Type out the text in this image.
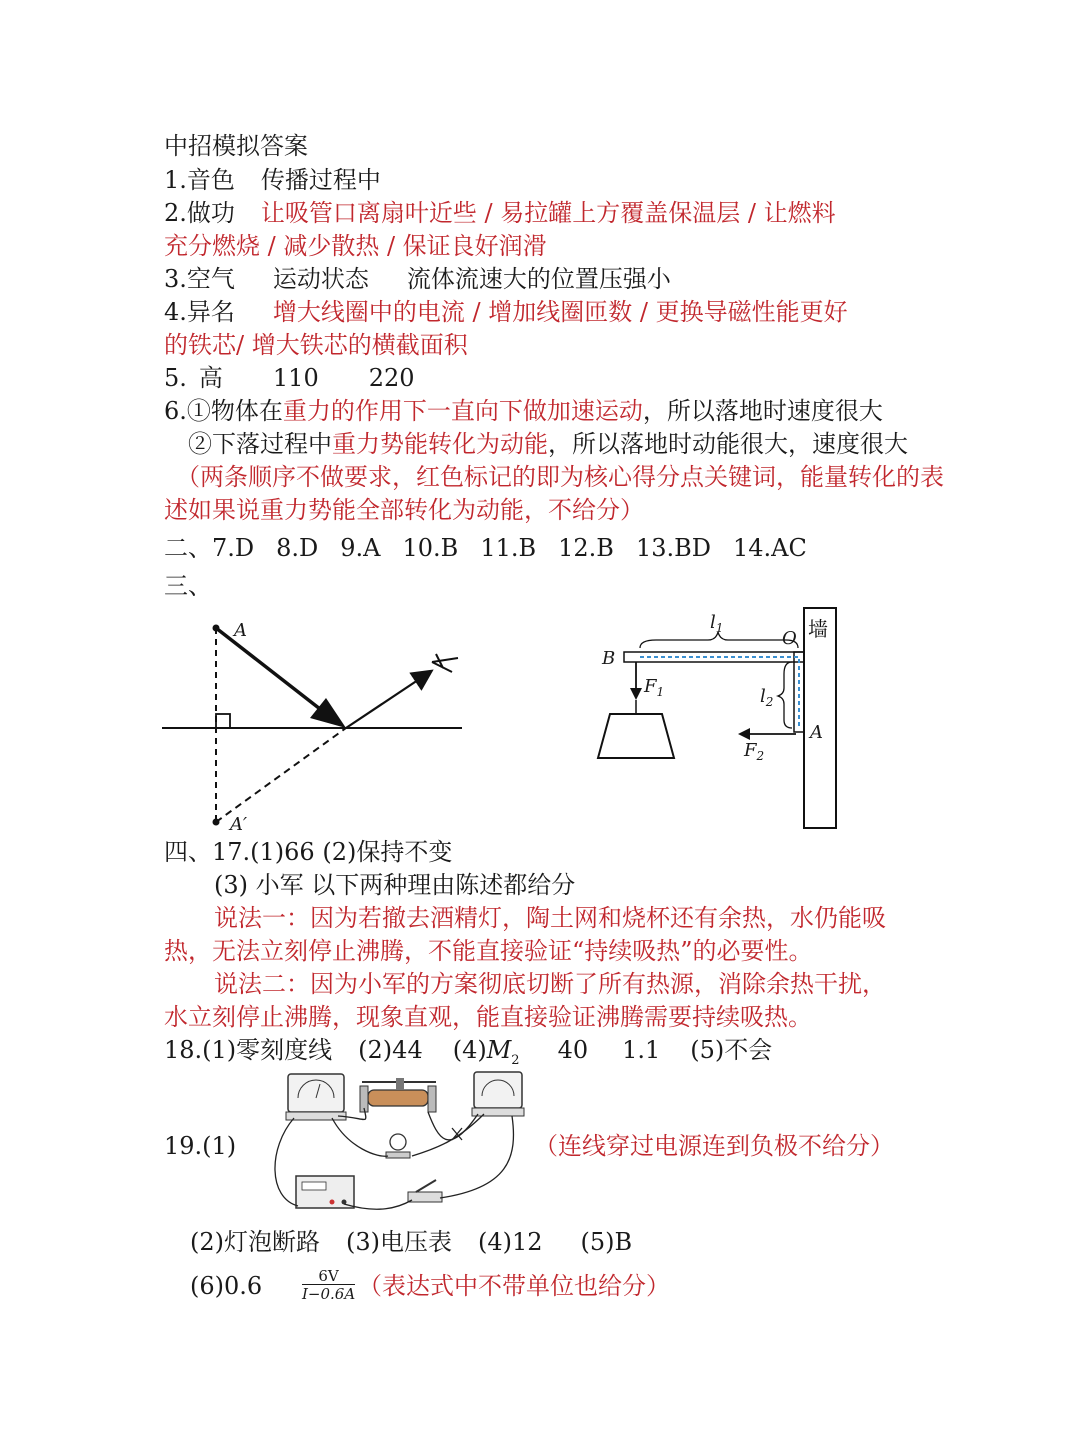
中招模拟答案
1.音色 传播过程中
2.做功 让吸管口离扇叶近些 / 易拉罐上方覆盖保温层 / 让燃料
充分燃烧 / 减少散热 / 保证良好润滑
3.空气 运动状态 流体流速大的位置压强小
4.异名 增大线圈中的电流 / 增加线圈匝数 / 更换导磁性能更好
的铁芯/ 增大铁芯的横截面积
5. 高 110 220
6.①物体在重力的作用下一直向下做加速运动，所以落地时速度很大
②下落过程中重力势能转化为动能，所以落地时动能很大，速度很大
（两条顺序不做要求，红色标记的即为核心得分点关键词，能量转化的表
述如果说重力势能全部转化为动能，不给分）
二、7.D 8.D 9.A 10.B 11.B 12.B 13.BD 14.AC
三、
A
A′
墙
$l_1$
$l_2$
B
O
A
$F_1$
$F_2$
四、17.(1)66 (2)保持不变
(3) 小军 以下两种理由陈述都给分
说法一：因为若撤去酒精灯，陶土网和烧杯还有余热，水仍能吸
热，无法立刻停止沸腾，不能直接验证“持续吸热”的必要性。
说法二：因为小军的方案彻底切断了所有热源，消除余热干扰，
水立刻停止沸腾，现象直观，能直接验证沸腾需要持续吸热。
18.(1)零刻度线 (2)44 $(4)M_2$ 40 1.1 (5)不会
19.(1)	（连线穿过电源连到负极不给分）
(2)灯泡断路 (3)电压表 (4)12 (5)B
(6)0.6	$\frac{6V}{I-0.6A}$ （表达式中不带单位也给分）
